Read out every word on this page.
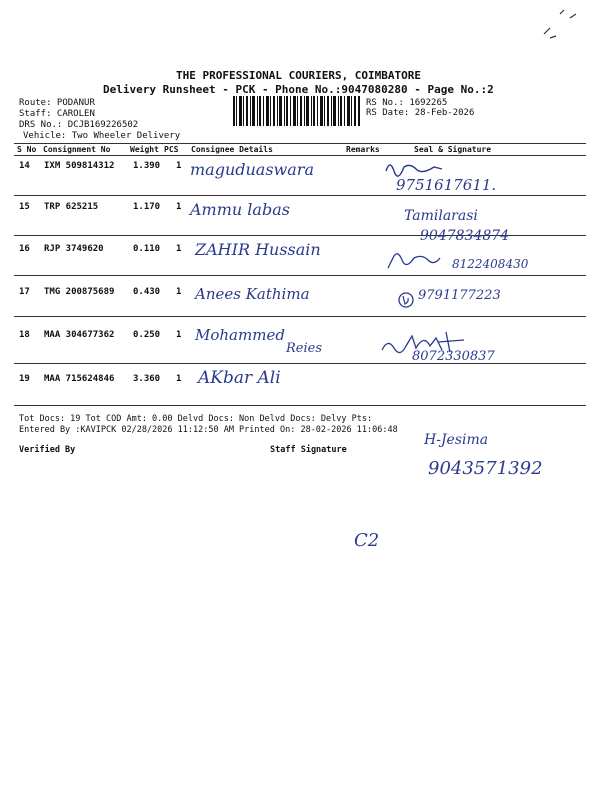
THE PROFESSIONAL COURIERS, COIMBATORE
Delivery Runsheet - PCK - Phone No.:9047080280 - Page No.:2
Route: PODANUR
Staff: CAROLEN
DRS No.: DCJB169226502
Vehicle: Two Wheeler Delivery
RS No.: 1692265
RS Date: 28-Feb-2026
S No Consignment No Weight PCS Consignee Details	Remarks	Seal & Signature
14 IXM 509814312 1.390 1 maguduaswara
9751617611.
15 TRP 625215	1.170 1 Ammu labas	Tamilarasi
9047834874
16 RJP 3749620	0.110 1 ZAHIR Hussain
8122408430
17 TMG 200875689 0.430 1 Anees Kathima	9791177223
18 MAA 304677362 0.250 1 Mohammed
Reies
8072330837
19 MAA 715624846 3.360 1 AKbar Ali
Tot Docs: 19 Tot COD Amt: 0.00 Delvd Docs: Non Delvd Docs: Delvy Pts:
Entered By :KAVIPCK 02/28/2026 11:12:50 AM Printed On: 28-02-2026 11:06:48
Verified By	Staff Signature
H-Jesima
9043571392
C2
